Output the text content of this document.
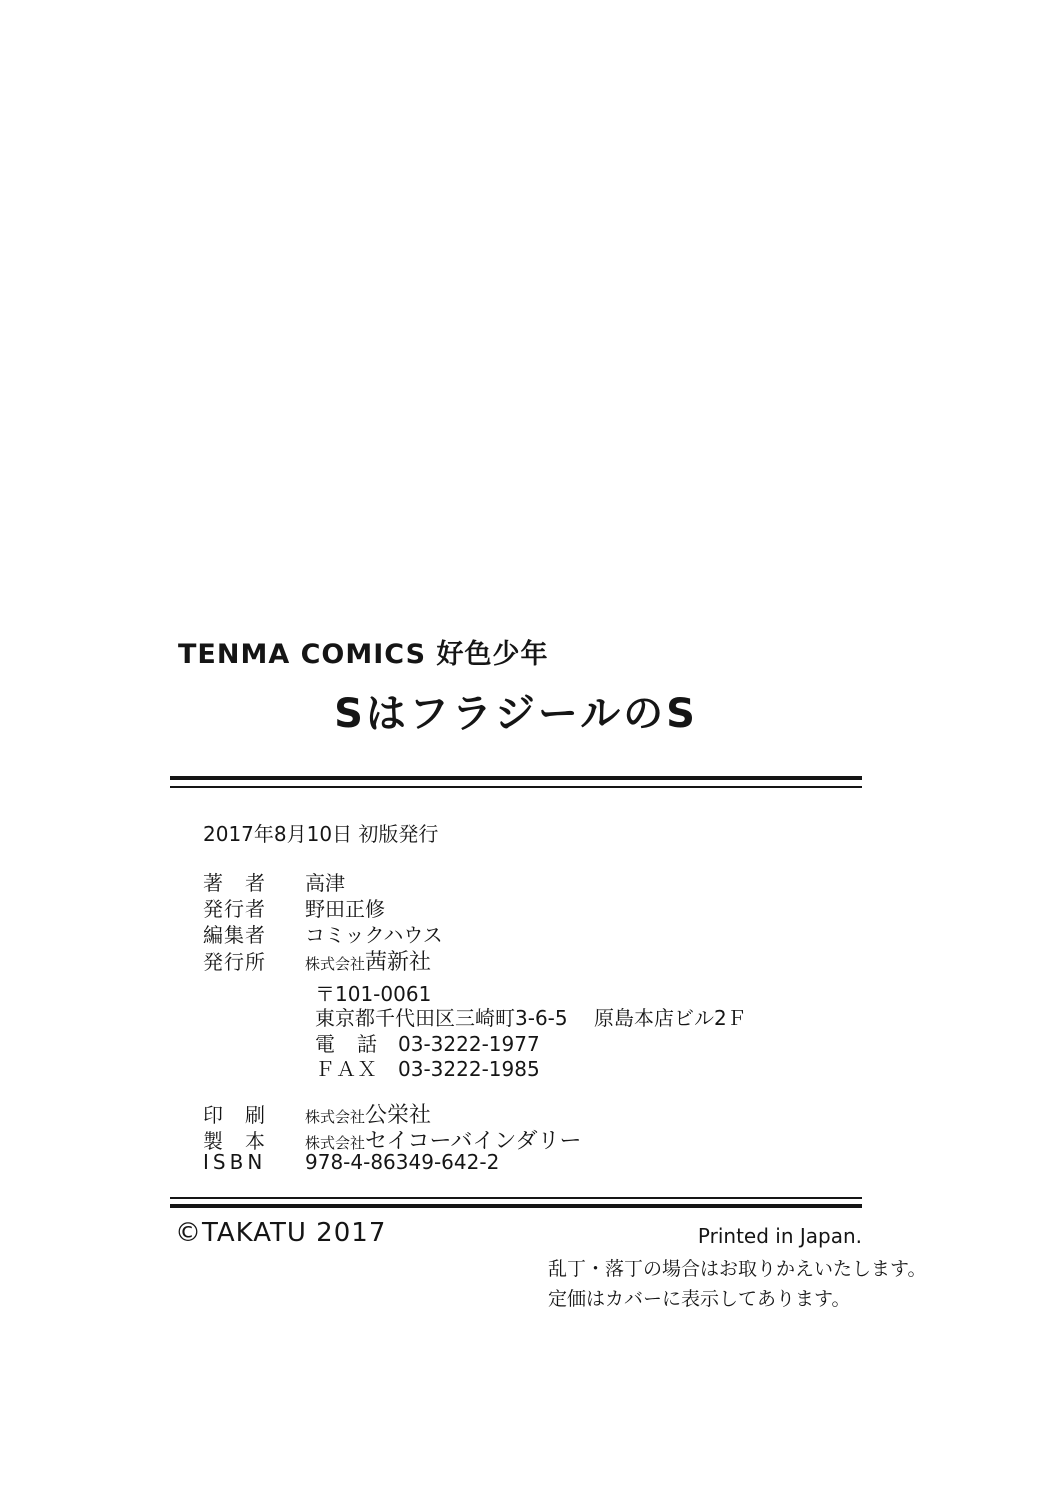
TENMA COMICS 好色少年
SはフラジールのS
2017年8月10日 初版発行
著　者 高津
発行者 野田正修
編集者 コミックハウス
発行所	株式会社茜新社
〒101-0061
東京都千代田区三崎町3-6-5　 原島本店ビル2Ｆ
電　話 03-3222-1977
ＦＡＸ 03-3222-1985
印　刷	株式会社公栄社
製　本	株式会社セイコーバインダリー
ISBN 978-4-86349-642-2
©TAKATU 2017	Printed in Japan.
乱丁・落丁の場合はお取りかえいたします。
定価はカバーに表示してあります。
